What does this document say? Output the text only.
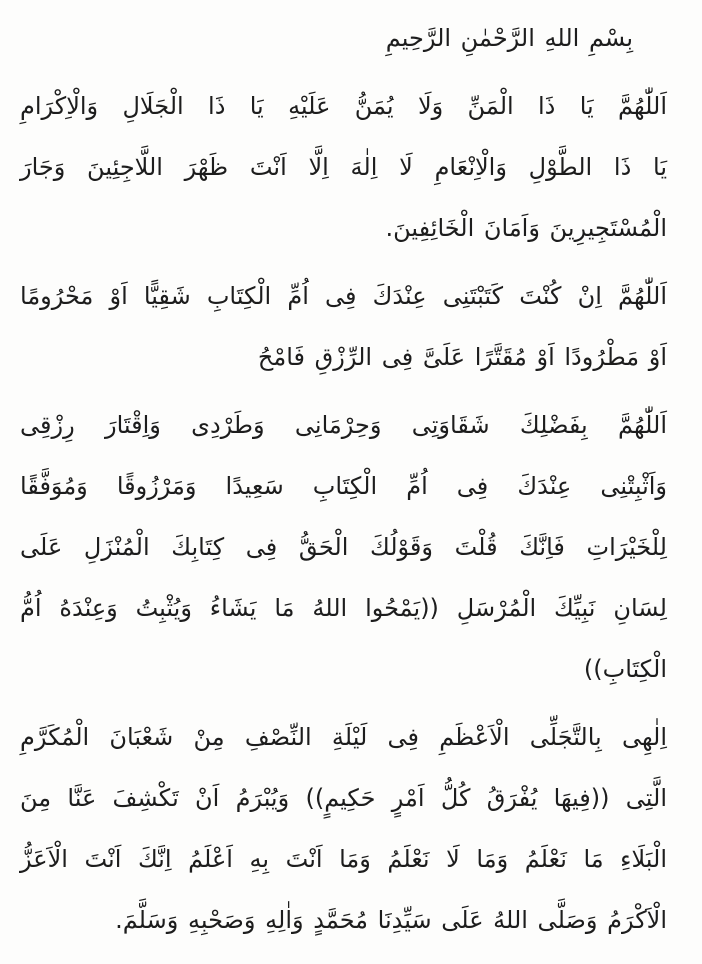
بِسْمِ اللهِ الرَّحْمٰنِ الرَّحِيمِ
اَللّٰهُمَّ يَا ذَا الْمَنِّ وَلَا يُمَنُّ عَلَيْهِ يَا ذَا الْجَلَالِ وَالْاِكْرَامِ
يَا ذَا الطَّوْلِ وَالْاِنْعَامِ لَا اِلٰهَ اِلَّا اَنْتَ ظَهْرَ اللَّاجِئِينَ وَجَارَ
الْمُسْتَجِيرِينَ وَاَمَانَ الْخَائِفِينَ.
اَللّٰهُمَّ اِنْ كُنْتَ كَتَبْتَنِى عِنْدَكَ فِى اُمِّ الْكِتَابِ شَقِيًّا اَوْ مَحْرُومًا
اَوْ مَطْرُودًا اَوْ مُقَتَّرًا عَلَىَّ فِى الرِّزْقِ فَامْحُ
اَللّٰهُمَّ بِفَضْلِكَ شَقَاوَتِى وَحِرْمَانِى وَطَرْدِى وَاِقْتَارَ رِزْقِى
وَاَثْبِتْنِى عِنْدَكَ فِى اُمِّ الْكِتَابِ سَعِيدًا وَمَرْزُوقًا وَمُوَفَّقًا
لِلْخَيْرَاتِ فَاِنَّكَ قُلْتَ وَقَوْلُكَ الْحَقُّ فِى كِتَابِكَ الْمُنْزَلِ عَلَى
لِسَانِ نَبِيِّكَ الْمُرْسَلِ ((يَمْحُوا اللهُ مَا يَشَاءُ وَيُثْبِتُ وَعِنْدَهُ اُمُّ
الْكِتَابِ))
اِلٰهِى بِالتَّجَلِّى الْاَعْظَمِ فِى لَيْلَةِ النِّصْفِ مِنْ شَعْبَانَ الْمُكَرَّمِ
الَّتِى ((فِيهَا يُفْرَقُ كُلُّ اَمْرٍ حَكِيمٍ)) وَيُبْرَمُ اَنْ تَكْشِفَ عَنَّا مِنَ
الْبَلَاءِ مَا نَعْلَمُ وَمَا لَا نَعْلَمُ وَمَا اَنْتَ بِهِ اَعْلَمُ اِنَّكَ اَنْتَ الْاَعَزُّ
الْاَكْرَمُ وَصَلَّى اللهُ عَلَى سَيِّدِنَا مُحَمَّدٍ وَاٰلِهِ وَصَحْبِهِ وَسَلَّمَ.
